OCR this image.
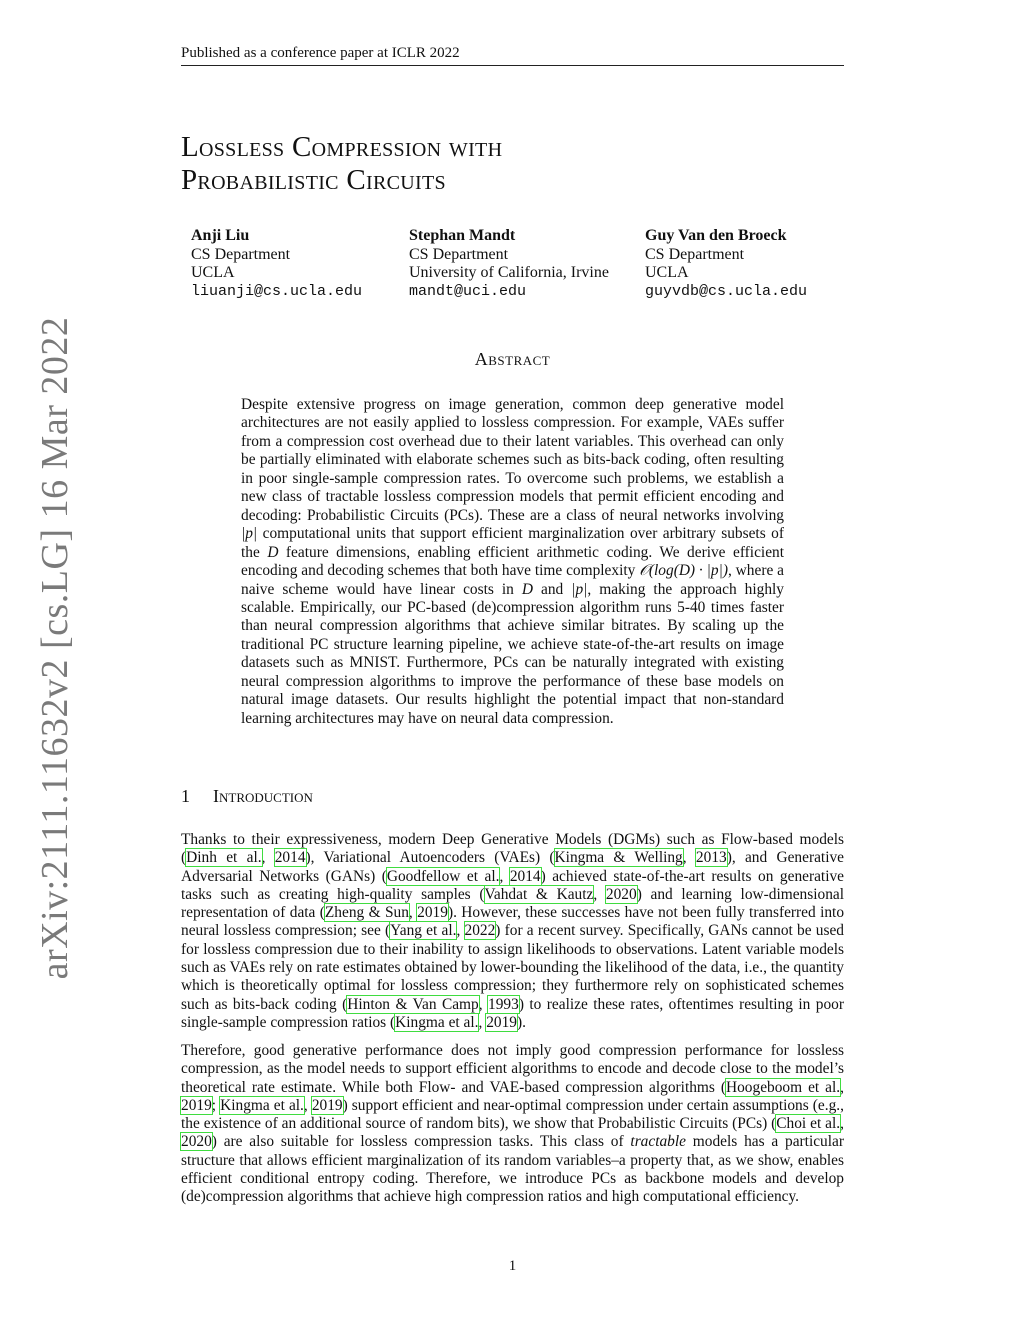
Published as a conference paper at ICLR 2022
Lossless Compression with
Probabilistic Circuits
Anji Liu
CS Department
UCLA
liuanji@cs.ucla.edu
Stephan Mandt
CS Department
University of California, Irvine
mandt@uci.edu
Guy Van den Broeck
CS Department
UCLA
guyvdb@cs.ucla.edu
arXiv:2111.11632v2 [cs.LG] 16 Mar 2022	Abstract
Despite extensive progress on image generation, common deep generative model architectures are not easily applied to lossless compression. For example, VAEs suffer from a compression cost overhead due to their latent variables. This overhead can only be partially eliminated with elaborate schemes such as bits-back coding, often resulting in poor single-sample compression rates. To overcome such problems, we establish a new class of tractable lossless compression models that permit efficient encoding and decoding: Probabilistic Circuits (PCs). These are a class of neural networks involving |p| computational units that support efficient marginalization over arbitrary subsets of the D feature dimensions, enabling efficient arithmetic coding. We derive efficient encoding and decoding schemes that both have time complexity 𝒪(log(D) · |p|), where a naive scheme would have linear costs in D and |p|, making the approach highly scalable. Empirically, our PC-based (de)compression algorithm runs 5-40 times faster than neural compression algorithms that achieve similar bitrates. By scaling up the traditional PC structure learning pipeline, we achieve state-of-the-art results on image datasets such as MNIST. Furthermore, PCs can be naturally integrated with existing neural compression algorithms to improve the performance of these base models on natural image datasets. Our results highlight the potential impact that non-standard learning architectures may have on neural data compression.
1 Introduction
Thanks to their expressiveness, modern Deep Generative Models (DGMs) such as Flow-based models (Dinh et al., 2014), Variational Autoencoders (VAEs) (Kingma & Welling, 2013), and Generative Adversarial Networks (GANs) (Goodfellow et al., 2014) achieved state-of-the-art results on generative tasks such as creating high-quality samples (Vahdat & Kautz, 2020) and learning low-dimensional representation of data (Zheng & Sun, 2019). However, these successes have not been fully transferred into neural lossless compression; see (Yang et al., 2022) for a recent survey. Specifically, GANs cannot be used for lossless compression due to their inability to assign likelihoods to observations. Latent variable models such as VAEs rely on rate estimates obtained by lower-bounding the likelihood of the data, i.e., the quantity which is theoretically optimal for lossless compression; they furthermore rely on sophisticated schemes such as bits-back coding (Hinton & Van Camp, 1993) to realize these rates, oftentimes resulting in poor single-sample compression ratios (Kingma et al., 2019).
Therefore, good generative performance does not imply good compression performance for lossless compression, as the model needs to support efficient algorithms to encode and decode close to the model’s theoretical rate estimate. While both Flow- and VAE-based compression algorithms (Hoogeboom et al., 2019; Kingma et al., 2019) support efficient and near-optimal compression under certain assumptions (e.g., the existence of an additional source of random bits), we show that Probabilistic Circuits (PCs) (Choi et al., 2020) are also suitable for lossless compression tasks. This class of tractable models has a particular structure that allows efficient marginalization of its random variables–a property that, as we show, enables efficient conditional entropy coding. Therefore, we introduce PCs as backbone models and develop (de)compression algorithms that achieve high compression ratios and high computational efficiency.
1
